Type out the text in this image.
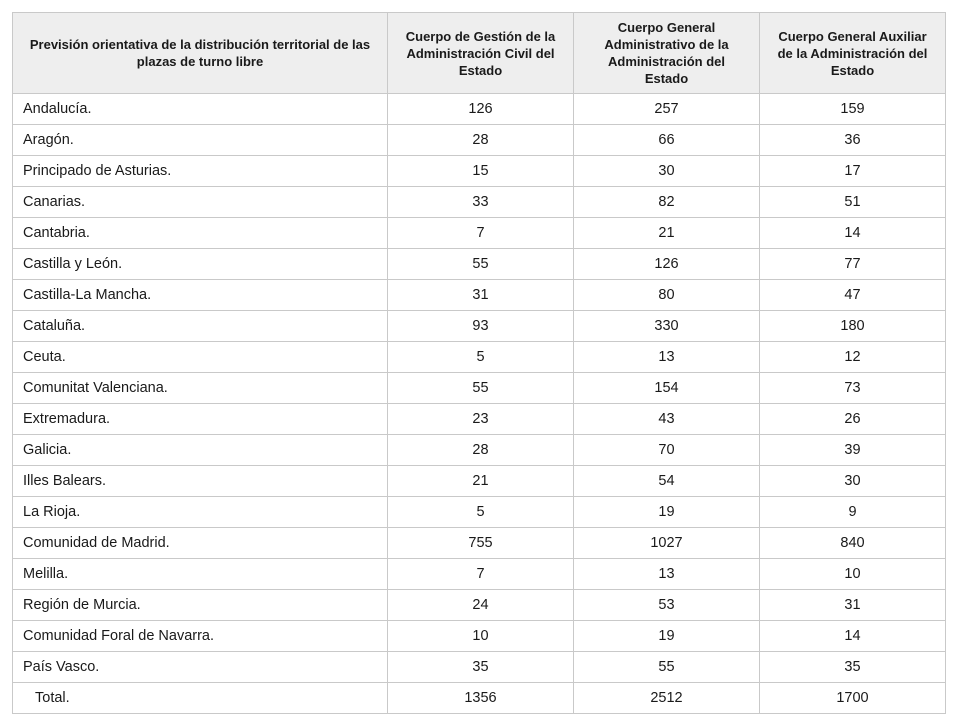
Previsión orientativa de la distribución territorial de las plazas de turno libre	Cuerpo de Gestión de la Administración Civil del Estado	Cuerpo General Administrativo de la Administración del Estado	Cuerpo General Auxiliar de la Administración del Estado
Andalucía.	126	257	159
Aragón.	28	66	36
Principado de Asturias.	15	30	17
Canarias.	33	82	51
Cantabria.	7	21	14
Castilla y León.	55	126	77
Castilla-La Mancha.	31	80	47
Cataluña.	93	330	180
Ceuta.	5	13	12
Comunitat Valenciana.	55	154	73
Extremadura.	23	43	26
Galicia.	28	70	39
Illes Balears.	21	54	30
La Rioja.	5	19	9
Comunidad de Madrid.	755	1027	840
Melilla.	7	13	10
Región de Murcia.	24	53	31
Comunidad Foral de Navarra.	10	19	14
País Vasco.	35	55	35
Total.	1356	2512	1700
